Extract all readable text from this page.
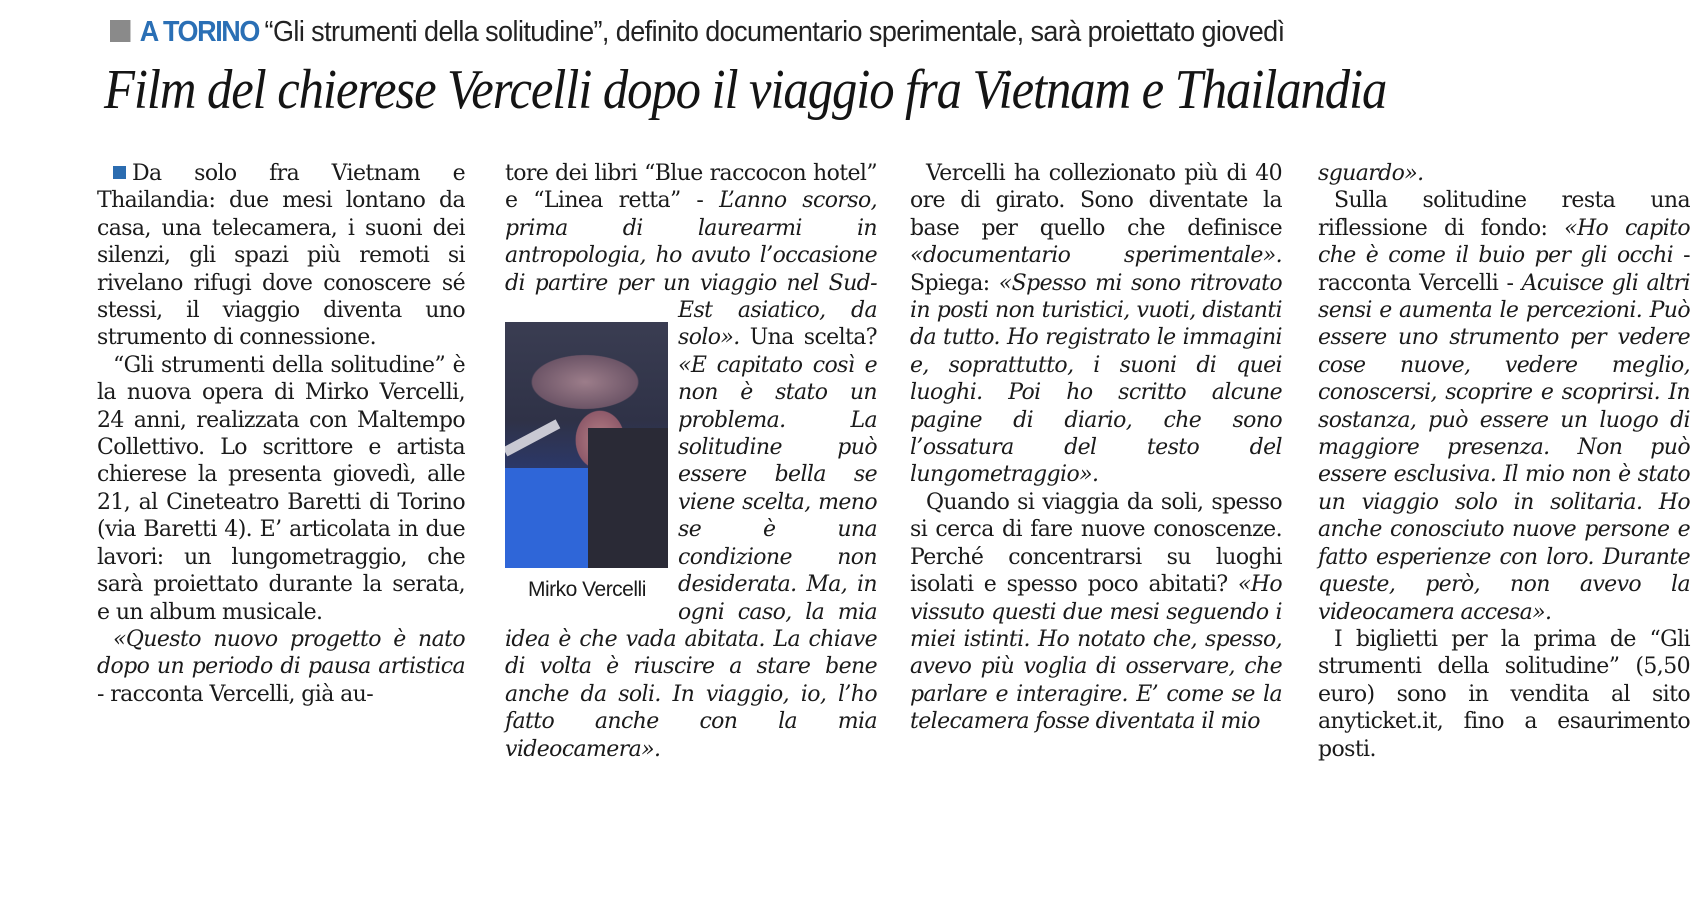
A TORINO “Gli strumenti della solitudine”, definito documentario sperimentale, sarà proiettato giovedì
Film del chierese Vercelli dopo il viaggio fra Vietnam e Thailandia

Da solo fra Vietnam e Thailandia: due mesi lontano da casa, una telecamera, i suoni dei silenzi, gli spazi più remoti si rivelano rifugi dove conoscere sé stessi, il viaggio diventa uno strumento di connessione.

“Gli strumenti della solitudine” è la nuova opera di Mirko Vercelli, 24 anni, realizzata con Maltempo Collettivo. Lo scrittore e artista chierese la presenta giovedì, alle 21, al Cineteatro Baretti di Torino (via Baretti 4). E’ articolata in due lavori: un lungometraggio, che sarà proiettato durante la serata, e un album musicale.

«Questo nuovo progetto è nato dopo un periodo di pausa artistica - racconta Vercelli, già au-

tore dei libri “Blue raccocon hotel” e “Linea retta” - L’anno scorso, prima di laurearmi in antropologia, ho avuto l’occasione di partire per un viaggio nel Sud-Est asiatico, da solo». Una scelta? «E capitato così e non è stato un problema. La solitudine può essere bella se viene scelta, meno se è una condizione non desiderata. Ma, in ogni caso, la mia idea è che vada abitata. La chiave di volta è riuscire a stare bene anche da soli. In viaggio, io, l’ho fatto anche con la mia videocamera».

Mirko Vercelli

Vercelli ha collezionato più di 40 ore di girato. Sono diventate la base per quello che definisce «documentario sperimentale». Spiega: «Spesso mi sono ritrovato in posti non turistici, vuoti, distanti da tutto. Ho registrato le immagini e, soprattutto, i suoni di quei luoghi. Poi ho scritto alcune pagine di diario, che sono l’ossatura del testo del lungometraggio».

Quando si viaggia da soli, spesso si cerca di fare nuove conoscenze. Perché concentrarsi su luoghi isolati e spesso poco abitati? «Ho vissuto questi due mesi seguendo i miei istinti. Ho notato che, spesso, avevo più voglia di osservare, che parlare e interagire. E’ come se la telecamera fosse diventata il mio

sguardo».

Sulla solitudine resta una riflessione di fondo: «Ho capito che è come il buio per gli occhi - racconta Vercelli - Acuisce gli altri sensi e aumenta le percezioni. Può essere uno strumento per vedere cose nuove, vedere meglio, conoscersi, scoprire e scoprirsi. In sostanza, può essere un luogo di maggiore presenza. Non può essere esclusiva. Il mio non è stato un viaggio solo in solitaria. Ho anche conosciuto nuove persone e fatto esperienze con loro. Durante queste, però, non avevo la videocamera accesa».

I biglietti per la prima de “Gli strumenti della solitudine” (5,50 euro) sono in vendita al sito anyticket.it, fino a esaurimento posti.
